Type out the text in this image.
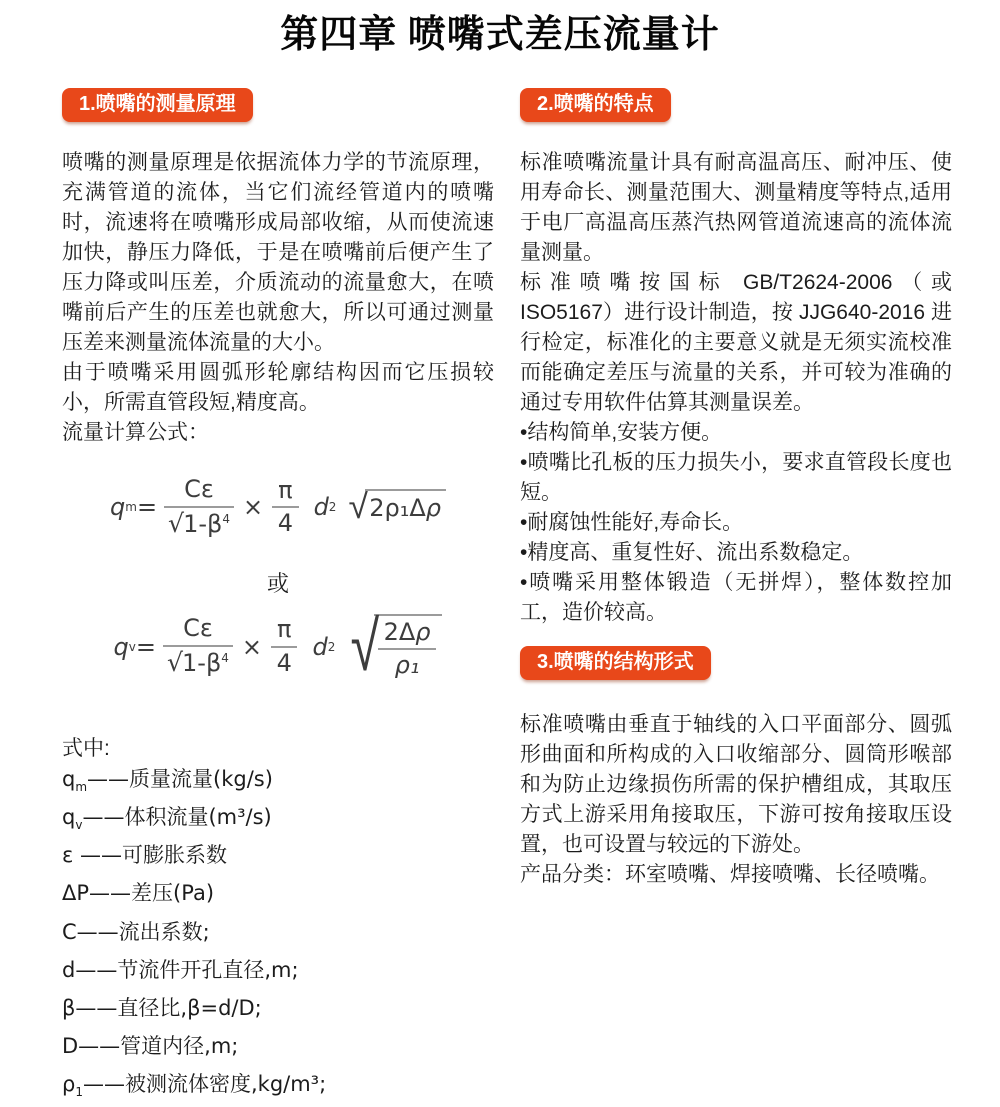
第四章 喷嘴式差压流量计
1.喷嘴的测量原理

喷嘴的测量原理是依据流体力学的节流原理，充满管道的流体，当它们流经管道内的喷嘴时，流速将在喷嘴形成局部收缩，从而使流速加快，静压力降低，于是在喷嘴前后便产生了压力降或叫压差，介质流动的流量愈大，在喷嘴前后产生的压差也就愈大，所以可通过测量压差来测量流体流量的大小。

由于喷嘴采用圆弧形轮廓结构因而它压损较小，所需直管段短,精度高。

流量计算公式：

q $m = \frac{C\varepsilon}{√1-\beta^4} \times \frac{\pi}{4}$ d 2 √ 2ρ₁Δρ
或
q $v = \frac{C\varepsilon}{√1-\beta^4} \times \frac{\pi}{4}$ d 2 √
$\frac{2\Delta\rho}{\text{ρ₁}}$
式中:
$q_m——$质量流量(kg/s)
$q_v——$体积流量(m³/s)
ε ——可膨胀系数
ΔP——差压(Pa)
C——流出系数;
d——节流件开孔直径,m;
β——直径比,β=d/D;
D——管道内径,m;
$\rho_1——$被测流体密度,kg/m³;
2.喷嘴的特点

标准喷嘴流量计具有耐高温高压、耐冲压、使用寿命长、测量范围大、测量精度等特点,适用于电厂高温高压蒸汽热网管道流速高的流体流量测量。

标准喷嘴按国标 GB/T2624-2006（或 ISO5167）进行设计制造，按 JJG640-2016 进行检定，标准化的主要意义就是无须实流校准而能确定差压与流量的关系，并可较为准确的通过专用软件估算其测量误差。

•结构简单,安装方便。
•喷嘴比孔板的压力损失小，要求直管段长度也短。
•耐腐蚀性能好,寿命长。
•精度高、重复性好、流出系数稳定。
•喷嘴采用整体锻造（无拼焊），整体数控加工，造价较高。
3.喷嘴的结构形式

标准喷嘴由垂直于轴线的入口平面部分、圆弧形曲面和所构成的入口收缩部分、圆筒形喉部和为防止边缘损伤所需的保护槽组成，其取压方式上游采用角接取压，下游可按角接取压设置，也可设置与较远的下游处。

产品分类：环室喷嘴、焊接喷嘴、长径喷嘴。
